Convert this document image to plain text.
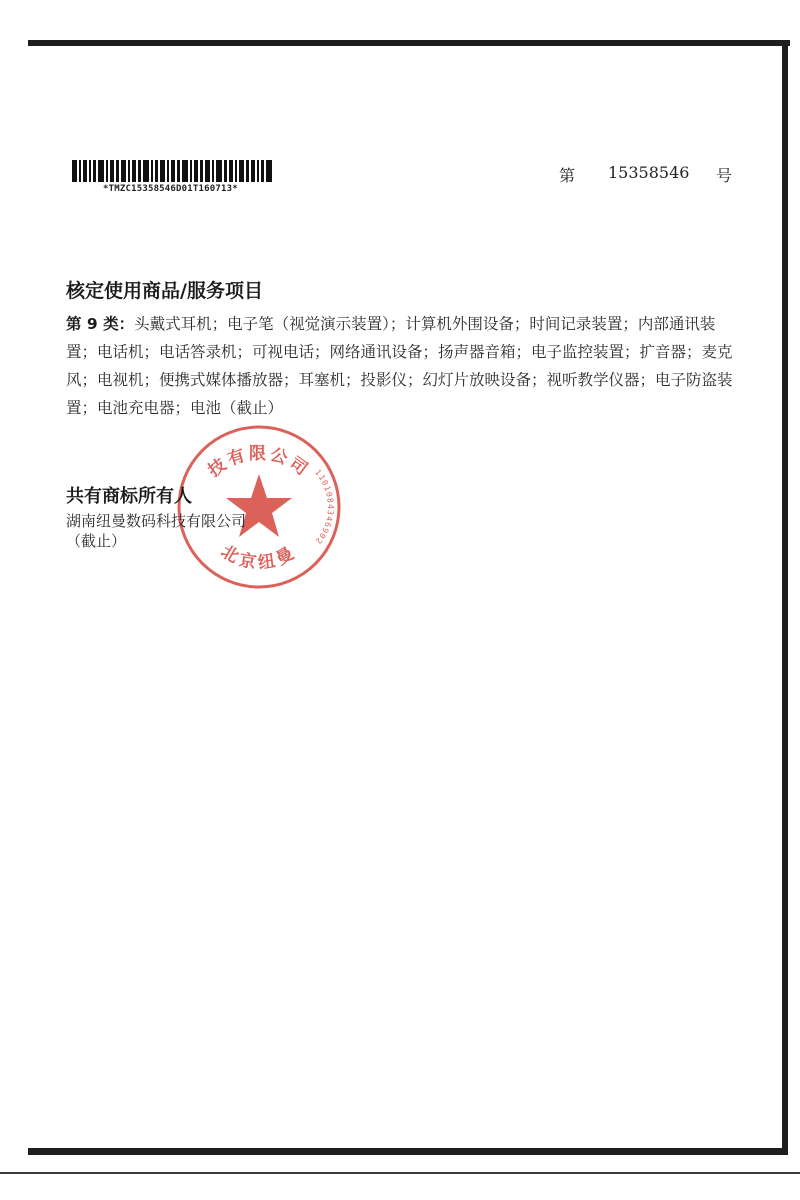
*TMZC15358546D01T160713*
第 15358546 号
核定使用商品/服务项目

第 9 类：头戴式耳机；电子笔（视觉演示装置）；计算机外围设备；时间记录装置；内部通讯装置；电话机；电话答录机；可视电话；网络通讯设备；扬声器音箱；电子监控装置；扩音器；麦克风；电视机；便携式媒体播放器；耳塞机；投影仪；幻灯片放映设备；视听教学仪器；电子防盗装置；电池充电器；电池（截止）

技有限公司 1101084346902
北京纽曼
共有商标所有人
湖南纽曼数码科技有限公司
（截止）
